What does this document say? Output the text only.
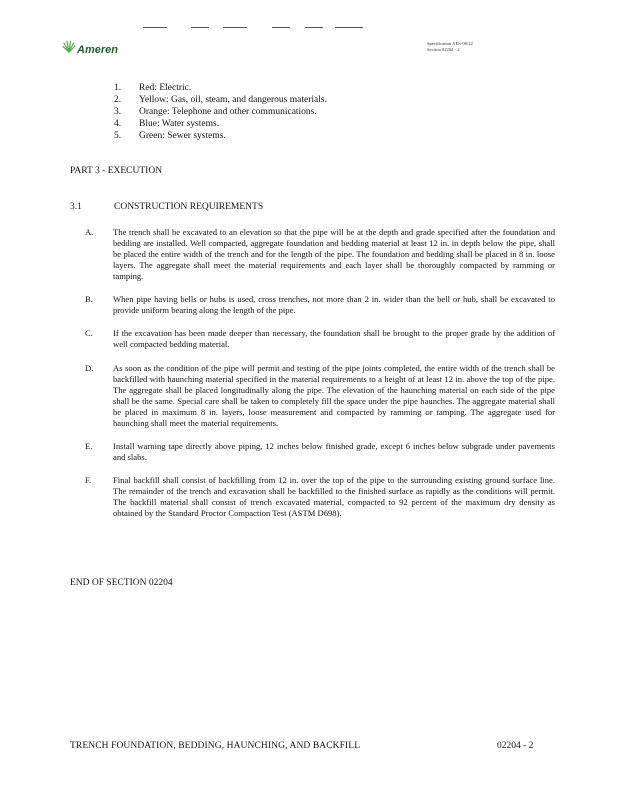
Ameren
Specification AES-08/22
Section 02204 - 2
1.	Red: Electric.
2.	Yellow: Gas, oil, steam, and dangerous materials.
3.	Orange: Telephone and other communications.
4.	Blue: Water systems.
5.	Green: Sewer systems.
PART 3 - EXECUTION
3.1	CONSTRUCTION REQUIREMENTS
A.	The trench shall be excavated to an elevation so that the pipe will be at the depth and grade specified after the foundation and bedding are installed. Well compacted, aggregate foundation and bedding material at least 12 in. in depth below the pipe, shall be placed the entire width of the trench and for the length of the pipe. The foundation and bedding shall be placed in 8 in. loose layers. The aggregate shall meet the material requirements and each layer shall be thoroughly compacted by ramming or tamping.
B.	When pipe having bells or hubs is used, cross trenches, not more than 2 in. wider than the bell or hub, shall be excavated to provide uniform bearing along the length of the pipe.
C.	If the excavation has been made deeper than necessary, the foundation shall be brought to the proper grade by the addition of well compacted bedding material.
D.	As soon as the condition of the pipe will permit and testing of the pipe joints completed, the entire width of the trench shall be backfilled with haunching material specified in the material requirements to a height of at least 12 in. above the top of the pipe. The aggregate shall be placed longitudinally along the pipe. The elevation of the haunching material on each side of the pipe shall be the same. Special care shall be taken to completely fill the space under the pipe haunches. The aggregate material shall be placed in maximum 8 in. layers, loose measurement and compacted by ramming or tamping. The aggregate used for haunching shall meet the material requirements.
E.	Install warning tape directly above piping, 12 inches below finished grade, except 6 inches below subgrade under pavements and slabs.
F.	Final backfill shall consist of backfilling from 12 in. over the top of the pipe to the surrounding existing ground surface line. The remainder of the trench and excavation shall be backfilled to the finished surface as rapidly as the conditions will permit. The backfill material shall consist of trench excavated material, compacted to 92 percent of the maximum dry density as obtained by the Standard Proctor Compaction Test (ASTM D698).
END OF SECTION 02204
TRENCH FOUNDATION, BEDDING, HAUNCHING, AND BACKFILL	02204 - 2
